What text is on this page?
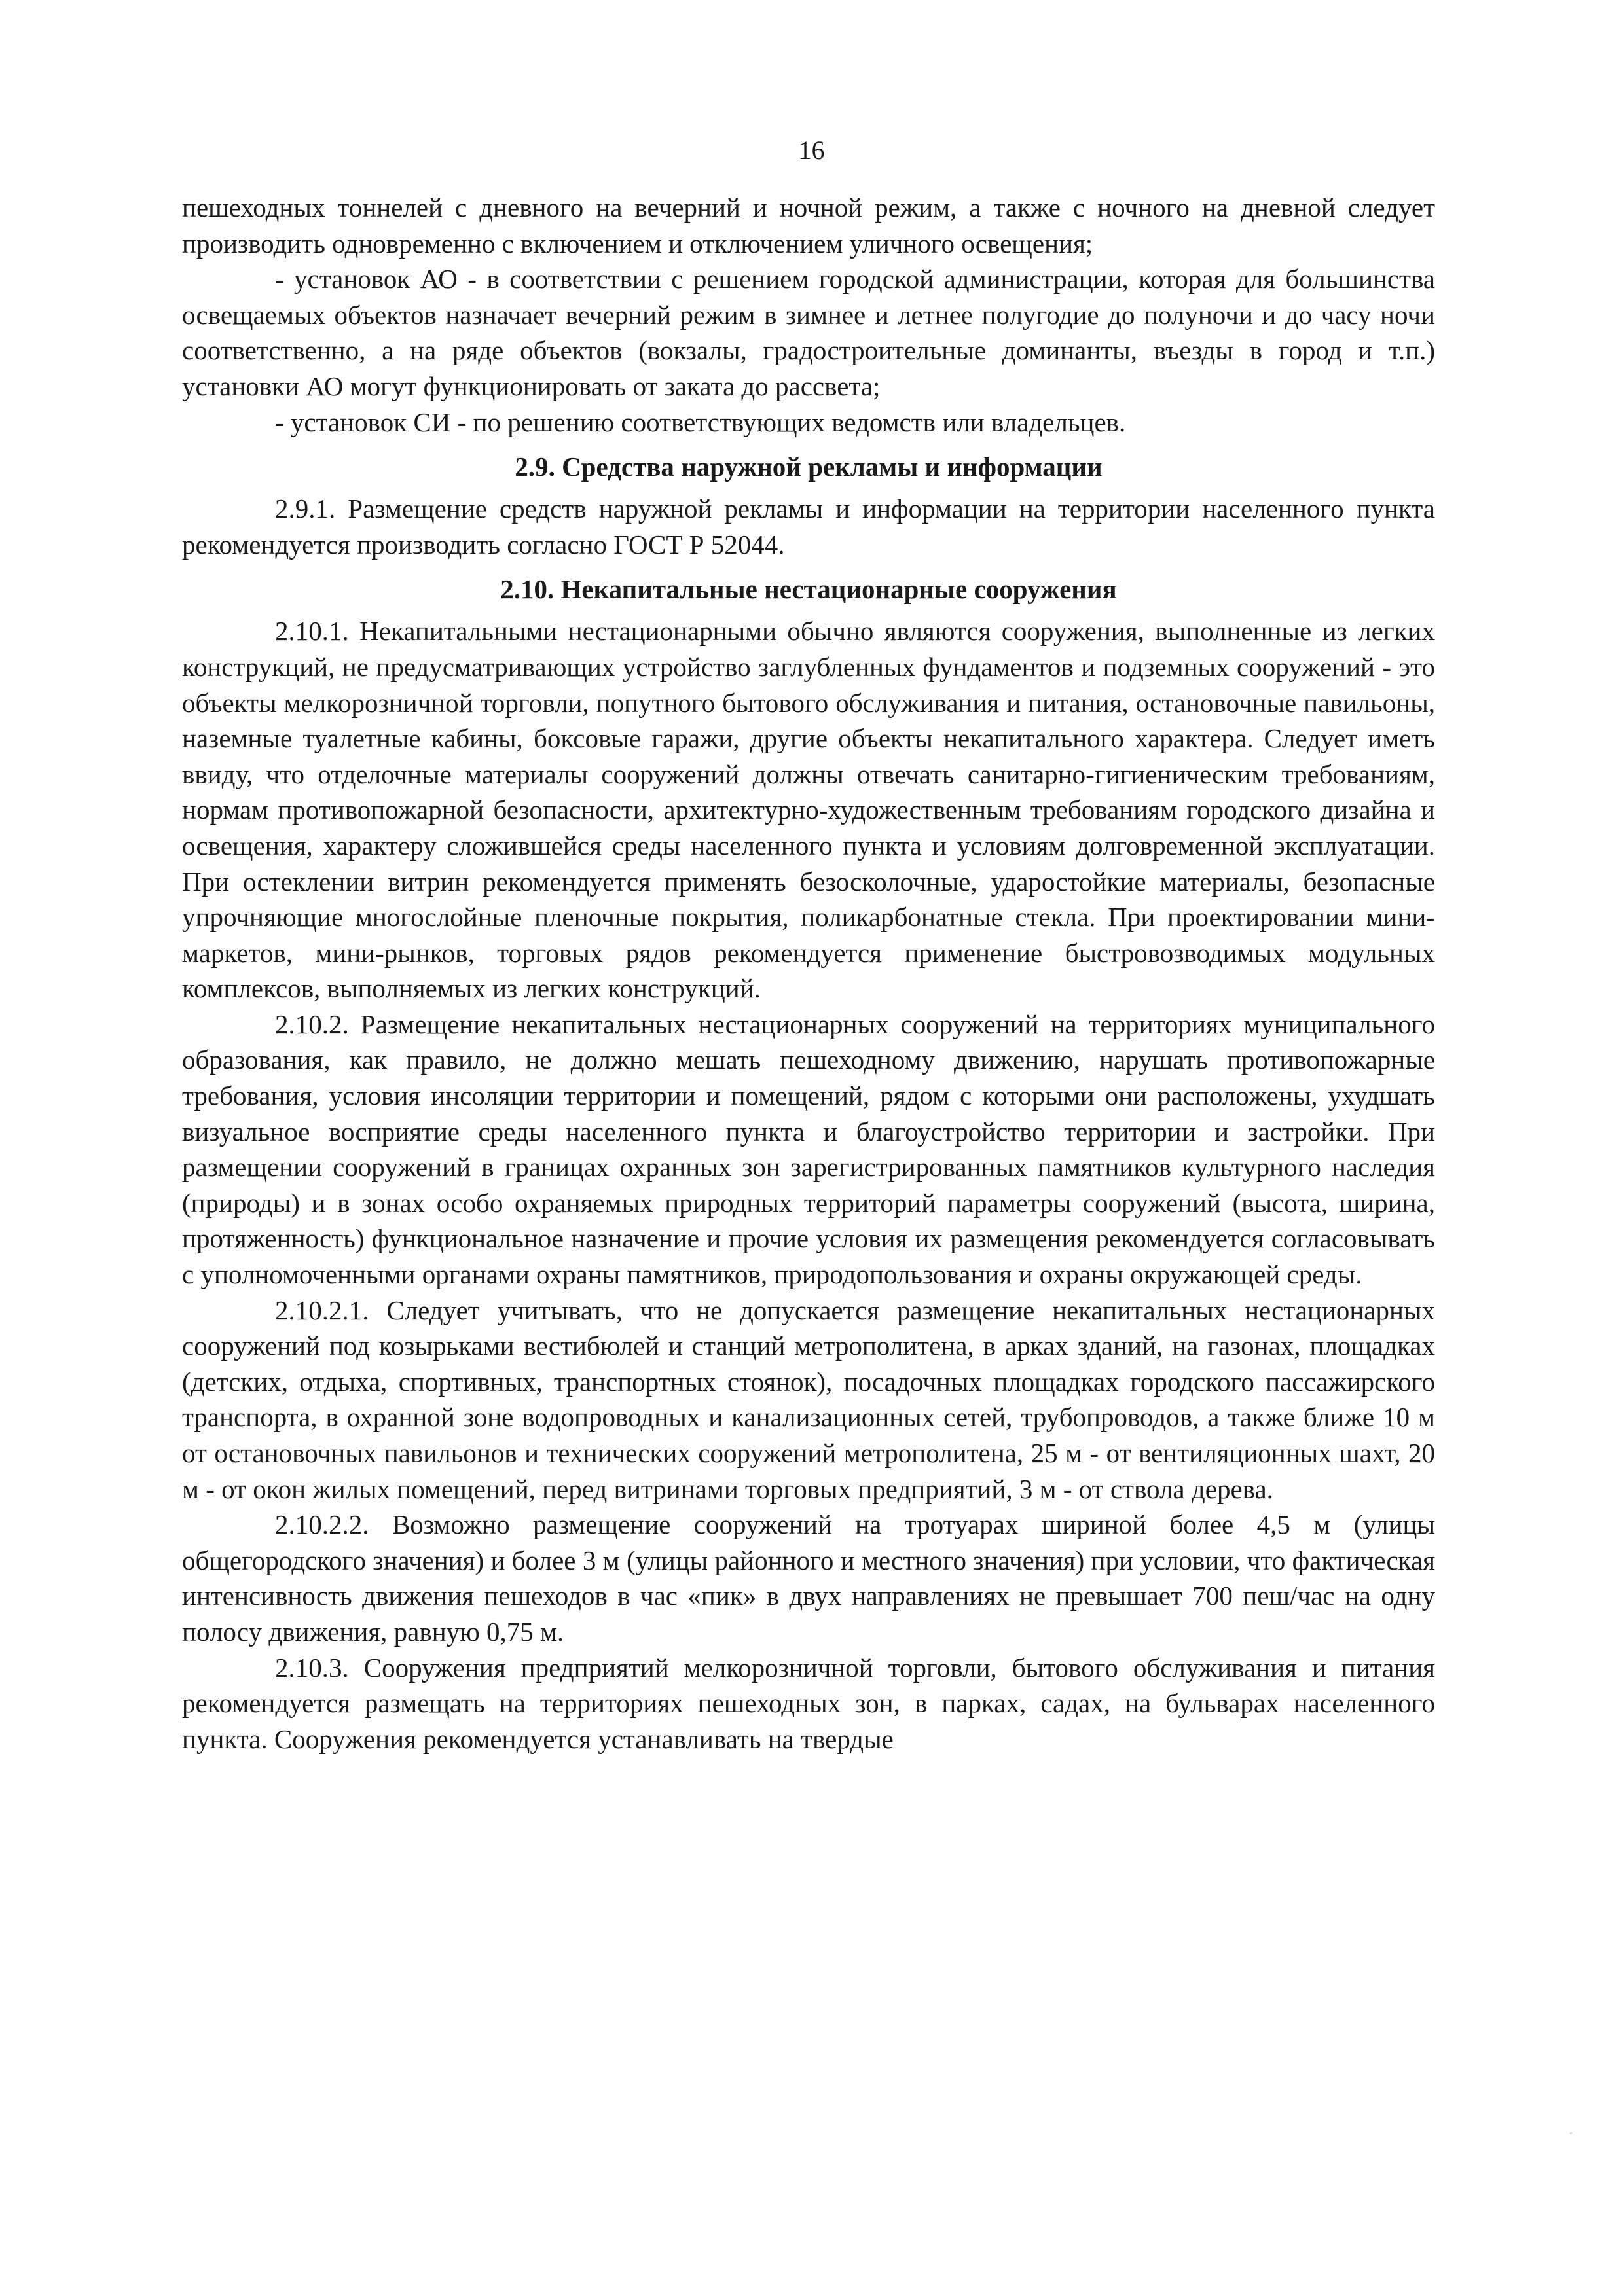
16

пешеходных тоннелей с дневного на вечерний и ночной режим, а также с ночного на дневной следует производить одновременно с включением и отключением уличного освещения;

- установок АО - в соответствии с решением городской администрации, которая для большинства освещаемых объектов назначает вечерний режим в зимнее и летнее полугодие до полуночи и до часу ночи соответственно, а на ряде объектов (вокзалы, градостроительные доминанты, въезды в город и т.п.) установки АО могут функционировать от заката до рассвета;

- установок СИ - по решению соответствующих ведомств или владельцев.

2.9. Средства наружной рекламы и информации

2.9.1. Размещение средств наружной рекламы и информации на территории населенного пункта рекомендуется производить согласно ГОСТ Р 52044.

2.10. Некапитальные нестационарные сооружения

2.10.1. Некапитальными нестационарными обычно являются сооружения, выполненные из легких конструкций, не предусматривающих устройство заглубленных фундаментов и подземных сооружений - это объекты мелкорозничной торговли, попутного бытового обслуживания и питания, остановочные павильоны, наземные туалетные кабины, боксовые гаражи, другие объекты некапитального характера. Следует иметь ввиду, что отделочные материалы сооружений должны отвечать санитарно-гигиеническим требованиям, нормам противопожарной безопасности, архитектурно-художественным требованиям городского дизайна и освещения, характеру сложившейся среды населенного пункта и условиям долговременной эксплуатации. При остеклении витрин рекомендуется применять безосколочные, ударостойкие материалы, безопасные упрочняющие многослойные пленочные покрытия, поликарбонатные стекла. При проектировании мини-маркетов, мини-рынков, торговых рядов рекомендуется применение быстровозводимых модульных комплексов, выполняемых из легких конструкций.

2.10.2. Размещение некапитальных нестационарных сооружений на территориях муниципального образования, как правило, не должно мешать пешеходному движению, нарушать противопожарные требования, условия инсоляции территории и помещений, рядом с которыми они расположены, ухудшать визуальное восприятие среды населенного пункта и благоустройство территории и застройки. При размещении сооружений в границах охранных зон зарегистрированных памятников культурного наследия (природы) и в зонах особо охраняемых природных территорий параметры сооружений (высота, ширина, протяженность) функциональное назначение и прочие условия их размещения рекомендуется согласовывать с уполномоченными органами охраны памятников, природопользования и охраны окружающей среды.

2.10.2.1. Следует учитывать, что не допускается размещение некапитальных нестационарных сооружений под козырьками вестибюлей и станций метрополитена, в арках зданий, на газонах, площадках (детских, отдыха, спортивных, транспортных стоянок), посадочных площадках городского пассажирского транспорта, в охранной зоне водопроводных и канализационных сетей, трубопроводов, а также ближе 10 м от остановочных павильонов и технических сооружений метрополитена, 25 м - от вентиляционных шахт, 20 м - от окон жилых помещений, перед витринами торговых предприятий, 3 м - от ствола дерева.

2.10.2.2. Возможно размещение сооружений на тротуарах шириной более 4,5 м (улицы общегородского значения) и более 3 м (улицы районного и местного значения) при условии, что фактическая интенсивность движения пешеходов в час «пик» в двух направлениях не превышает 700 пеш/час на одну полосу движения, равную 0,75 м.

2.10.3. Сооружения предприятий мелкорозничной торговли, бытового обслуживания и питания рекомендуется размещать на территориях пешеходных зон, в парках, садах, на бульварах населенного пункта. Сооружения рекомендуется устанавливать на твердые
